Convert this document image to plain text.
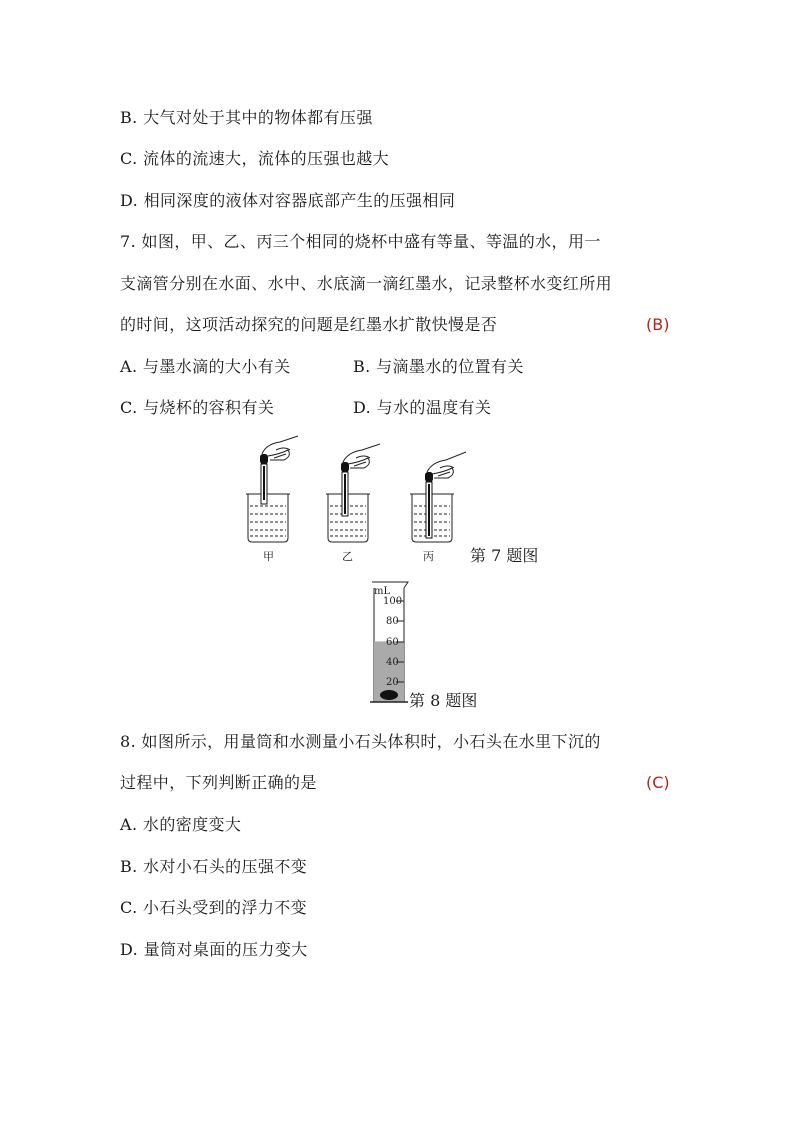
B. 大气对处于其中的物体都有压强
C. 流体的流速大，流体的压强也越大
D. 相同深度的液体对容器底部产生的压强相同
7. 如图，甲、乙、丙三个相同的烧杯中盛有等量、等温的水，用一
支滴管分别在水面、水中、水底滴一滴红墨水，记录整杯水变红所用
的时间，这项活动探究的问题是红墨水扩散快慢是否	(B)
A. 与墨水滴的大小有关	B. 与滴墨水的位置有关
C. 与烧杯的容积有关	D. 与水的温度有关
甲	乙	丙 第 7 题图
mL
100
80
60
40
20
第 8 题图
8. 如图所示，用量筒和水测量小石头体积时，小石头在水里下沉的
过程中，下列判断正确的是	(C)
A. 水的密度变大
B. 水对小石头的压强不变
C. 小石头受到的浮力不变
D. 量筒对桌面的压力变大
